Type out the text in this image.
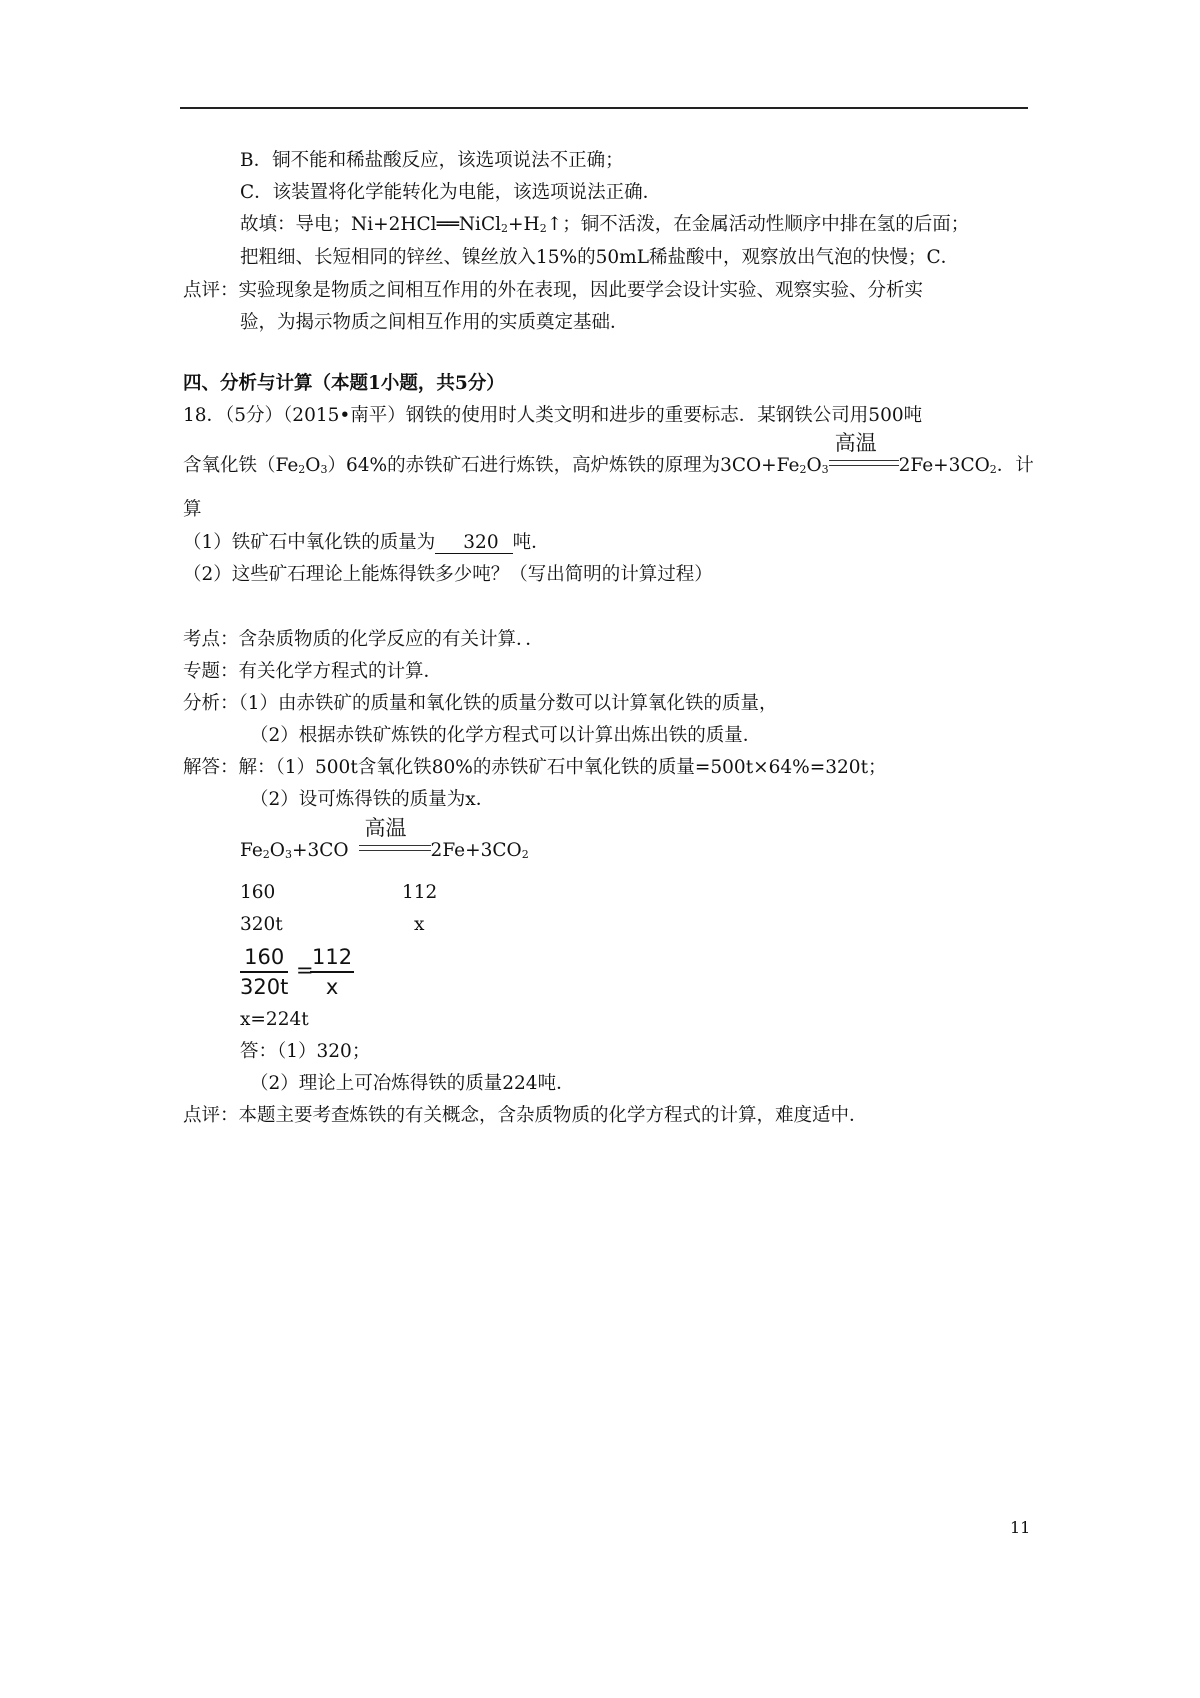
B．铜不能和稀盐酸反应，该选项说法不正确；
C．该装置将化学能转化为电能，该选项说法正确．
故填：导电；Ni+2HCl══NiCl2+H2↑；铜不活泼，在金属活动性顺序中排在氢的后面；
把粗细、长短相同的锌丝、镍丝放入15%的50mL稀盐酸中，观察放出气泡的快慢；C．
点评：实验现象是物质之间相互作用的外在表现，因此要学会设计实验、观察实验、分析实
验，为揭示物质之间相互作用的实质奠定基础．
四、分析与计算（本题1小题，共5分）
18．（5分）（2015•南平）钢铁的使用时人类文明和进步的重要标志．某钢铁公司用500吨
含氧化铁（Fe2O3）64%的赤铁矿石进行炼铁，高炉炼铁的原理为3CO+Fe2O3
高温
2Fe+3CO2．计
算
（1）铁矿石中氧化铁的质量为 320 吨．
（2）这些矿石理论上能炼得铁多少吨？（写出简明的计算过程）
考点：含杂质物质的化学反应的有关计算．．
专题：有关化学方程式的计算．
分析：（1）由赤铁矿的质量和氧化铁的质量分数可以计算氧化铁的质量，
（2）根据赤铁矿炼铁的化学方程式可以计算出炼出铁的质量．
解答：解：（1）500t含氧化铁80%的赤铁矿石中氧化铁的质量=500t×64%=320t；
（2）设可炼得铁的质量为x．
Fe2O3+3CO
高温
2Fe+3CO2
160	112
320t	x
$\frac{160}{320t}$ =
$\frac{112}{x}$
x=224t
答：（1）320；
（2）理论上可冶炼得铁的质量224吨．
点评：本题主要考查炼铁的有关概念，含杂质物质的化学方程式的计算，难度适中．
11
